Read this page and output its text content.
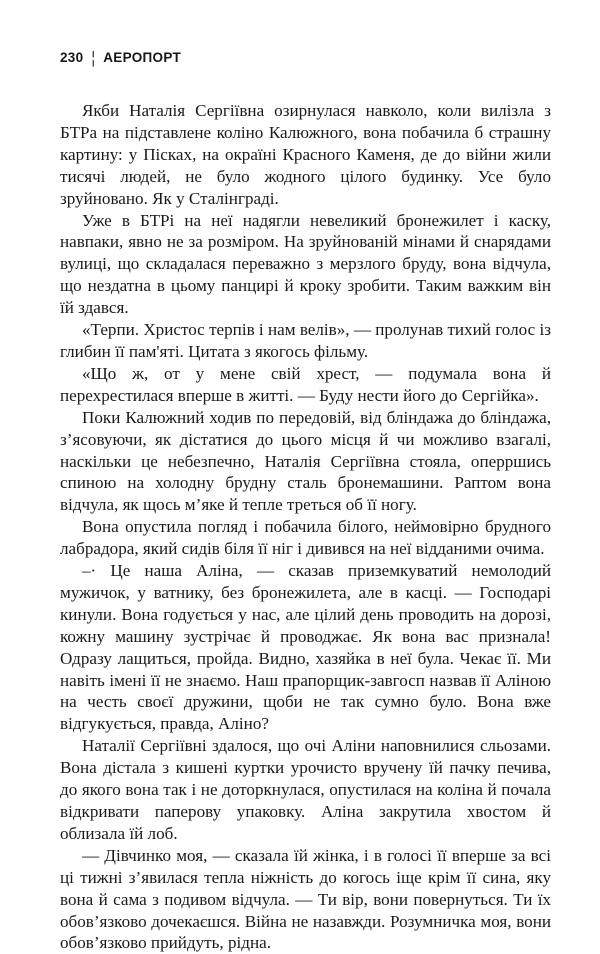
230 ¦ АЕРОПОРТ

Якби Наталія Сергіївна озирнулася навколо, коли вилізла з БТРа на підставлене коліно Калюжного, вона побачила б страшну картину: у Пісках, на окраїні Красного Каменя, де до війни жили тисячі людей, не було жодного цілого будинку. Усе було зруйновано. Як у Сталінграді.

Уже в БТРі на неї надягли невеликий бронежилет і каску, навпаки, явно не за розміром. На зруйнованій мінами й снарядами вулиці, що складалася переважно з мерзлого бруду, вона відчула, що нездатна в цьому панцирі й кроку зробити. Таким важким він їй здався.

«Терпи. Христос терпів і нам велів», — пролунав тихий голос із глибин її пам'яті. Цитата з якогось фільму.

«Що ж, от у мене свій хрест, — подумала вона й перехрестилася вперше в житті. — Буду нести його до Сергійка».

Поки Калюжний ходив по передовій, від бліндажа до бліндажа, з’ясовуючи, як дістатися до цього місця й чи можливо взагалі, наскільки це небезпечно, Наталія Сергіївна стояла, оперршись спиною на холодну брудну сталь бронемашини. Раптом вона відчула, як щось м’яке й тепле треться об її ногу.

Вона опустила погляд і побачила білого, неймовірно брудного лабрадора, який сидів біля її ніг і дивився на неї відданими очима.

–· Це наша Аліна, — сказав приземкуватий немолодий мужичок, у ватнику, без бронежилета, але в касці. — Господарі кинули. Вона годується у нас, але цілий день проводить на дорозі, кожну машину зустрічає й проводжає. Як вона вас признала! Одразу лащиться, пройда. Видно, хазяйка в неї була. Чекає її. Ми навіть імені її не знаємо. Наш прапорщик-завгосп назвав її Аліною на честь своєї дружини, щоби не так сумно було. Вона вже відгукується, правда, Аліно?

Наталії Сергіївні здалося, що очі Аліни наповнилися сльозами. Вона дістала з кишені куртки урочисто вручену їй пачку печива, до якого вона так і не доторкнулася, опустилася на коліна й почала відкривати паперову упаковку. Аліна закрутила хвостом й облизала їй лоб.

— Дівчинко моя, — сказала їй жінка, і в голосі її вперше за всі ці тижні з’явилася тепла ніжність до когось іще крім її сина, яку вона й сама з подивом відчула. — Ти віp, вони повернуться. Ти їх обов’язково дочекаєшся. Війна не назавжди. Розумничка моя, вони обов’язково прийдуть, рідна.
